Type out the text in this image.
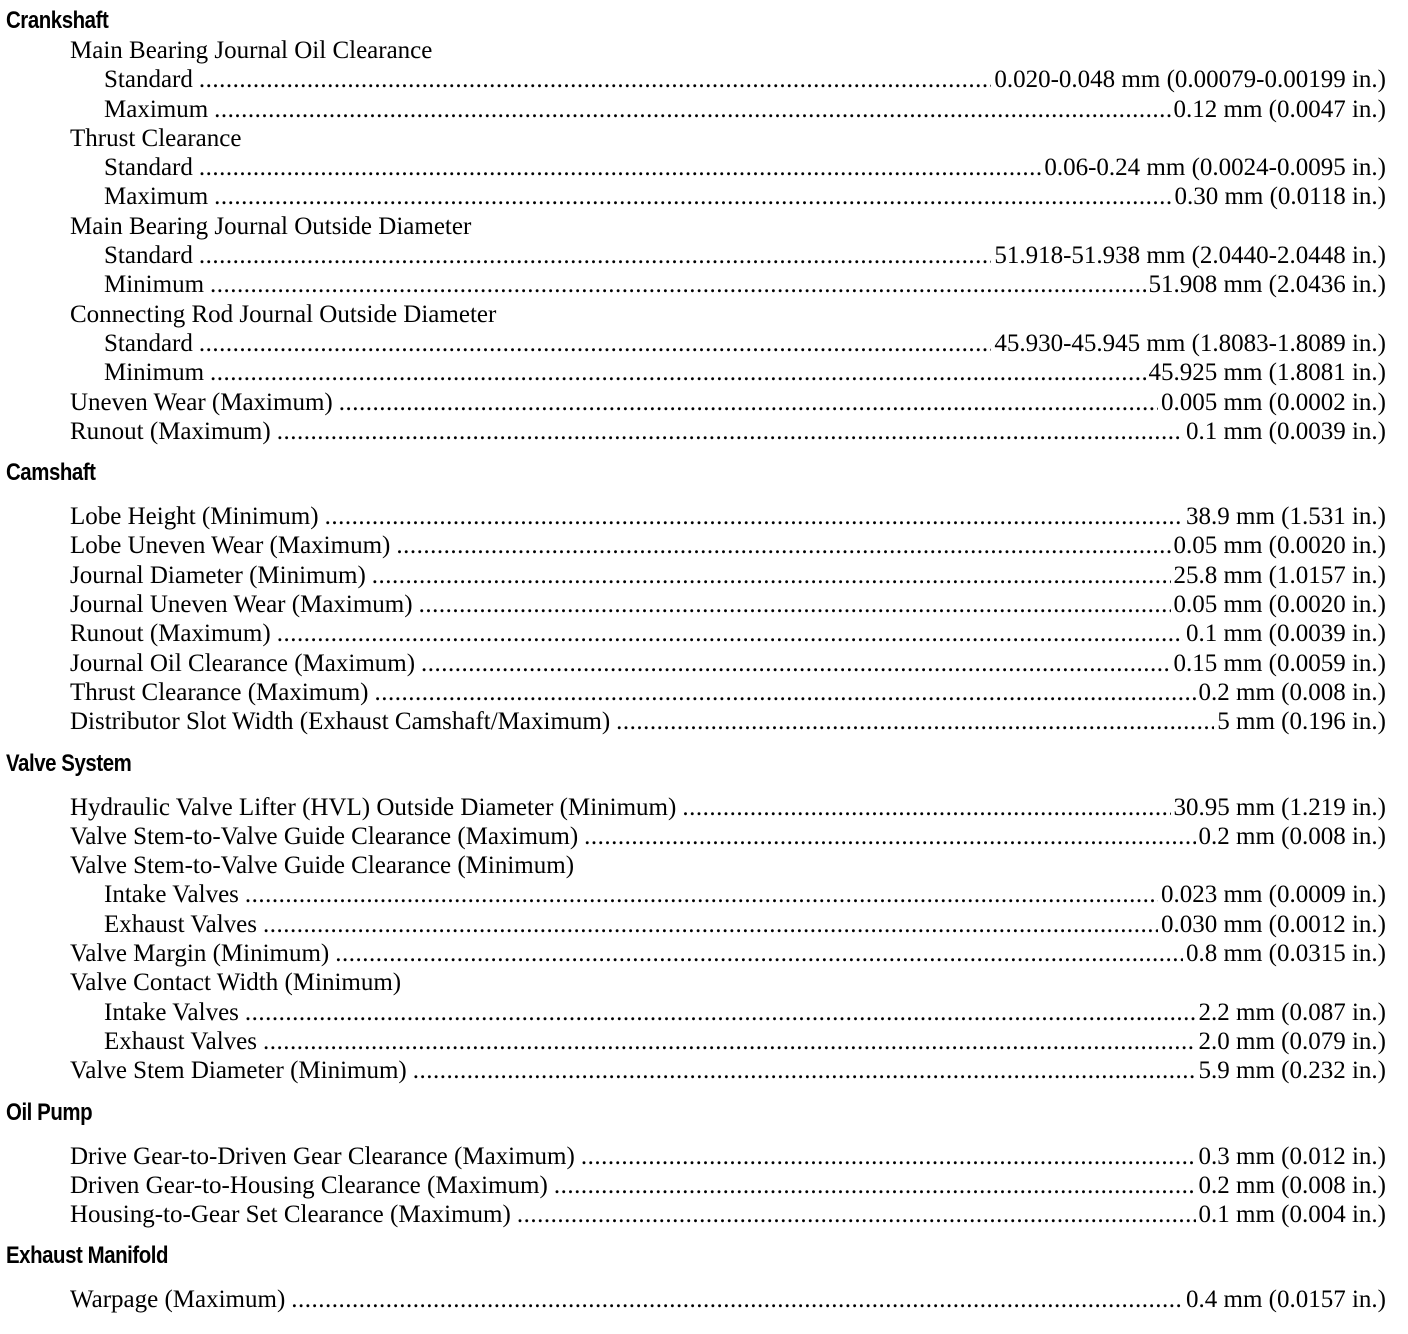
Crankshaft
Main Bearing Journal Oil Clearance
Standard .....	0.020-0.048 mm (0.00079-0.00199 in.)
Maximum .....	0.12 mm (0.0047 in.)
Thrust Clearance
Standard .....	0.06-0.24 mm (0.0024-0.0095 in.)
Maximum .....	0.30 mm (0.0118 in.)
Main Bearing Journal Outside Diameter
Standard .....	51.918-51.938 mm (2.0440-2.0448 in.)
Minimum .....	51.908 mm (2.0436 in.)
Connecting Rod Journal Outside Diameter
Standard .....	45.930-45.945 mm (1.8083-1.8089 in.)
Minimum .....	45.925 mm (1.8081 in.)
Uneven Wear (Maximum) .....	0.005 mm (0.0002 in.)
Runout (Maximum) .....	0.1 mm (0.0039 in.)
Camshaft
Lobe Height (Minimum) .....	38.9 mm (1.531 in.)
Lobe Uneven Wear (Maximum) .....	0.05 mm (0.0020 in.)
Journal Diameter (Minimum) .....	25.8 mm (1.0157 in.)
Journal Uneven Wear (Maximum) .....	0.05 mm (0.0020 in.)
Runout (Maximum) .....	0.1 mm (0.0039 in.)
Journal Oil Clearance (Maximum) .....	0.15 mm (0.0059 in.)
Thrust Clearance (Maximum) .....	0.2 mm (0.008 in.)
Distributor Slot Width (Exhaust Camshaft/Maximum) .....	5 mm (0.196 in.)
Valve System
Hydraulic Valve Lifter (HVL) Outside Diameter (Minimum) .....	30.95 mm (1.219 in.)
Valve Stem-to-Valve Guide Clearance (Maximum) .....	0.2 mm (0.008 in.)
Valve Stem-to-Valve Guide Clearance (Minimum)
Intake Valves .....	0.023 mm (0.0009 in.)
Exhaust Valves .....	0.030 mm (0.0012 in.)
Valve Margin (Minimum) .....	0.8 mm (0.0315 in.)
Valve Contact Width (Minimum)
Intake Valves .....	2.2 mm (0.087 in.)
Exhaust Valves .....	2.0 mm (0.079 in.)
Valve Stem Diameter (Minimum) .....	5.9 mm (0.232 in.)
Oil Pump
Drive Gear-to-Driven Gear Clearance (Maximum) .....	0.3 mm (0.012 in.)
Driven Gear-to-Housing Clearance (Maximum) .....	0.2 mm (0.008 in.)
Housing-to-Gear Set Clearance (Maximum) .....	0.1 mm (0.004 in.)
Exhaust Manifold
Warpage (Maximum) .....	0.4 mm (0.0157 in.)
